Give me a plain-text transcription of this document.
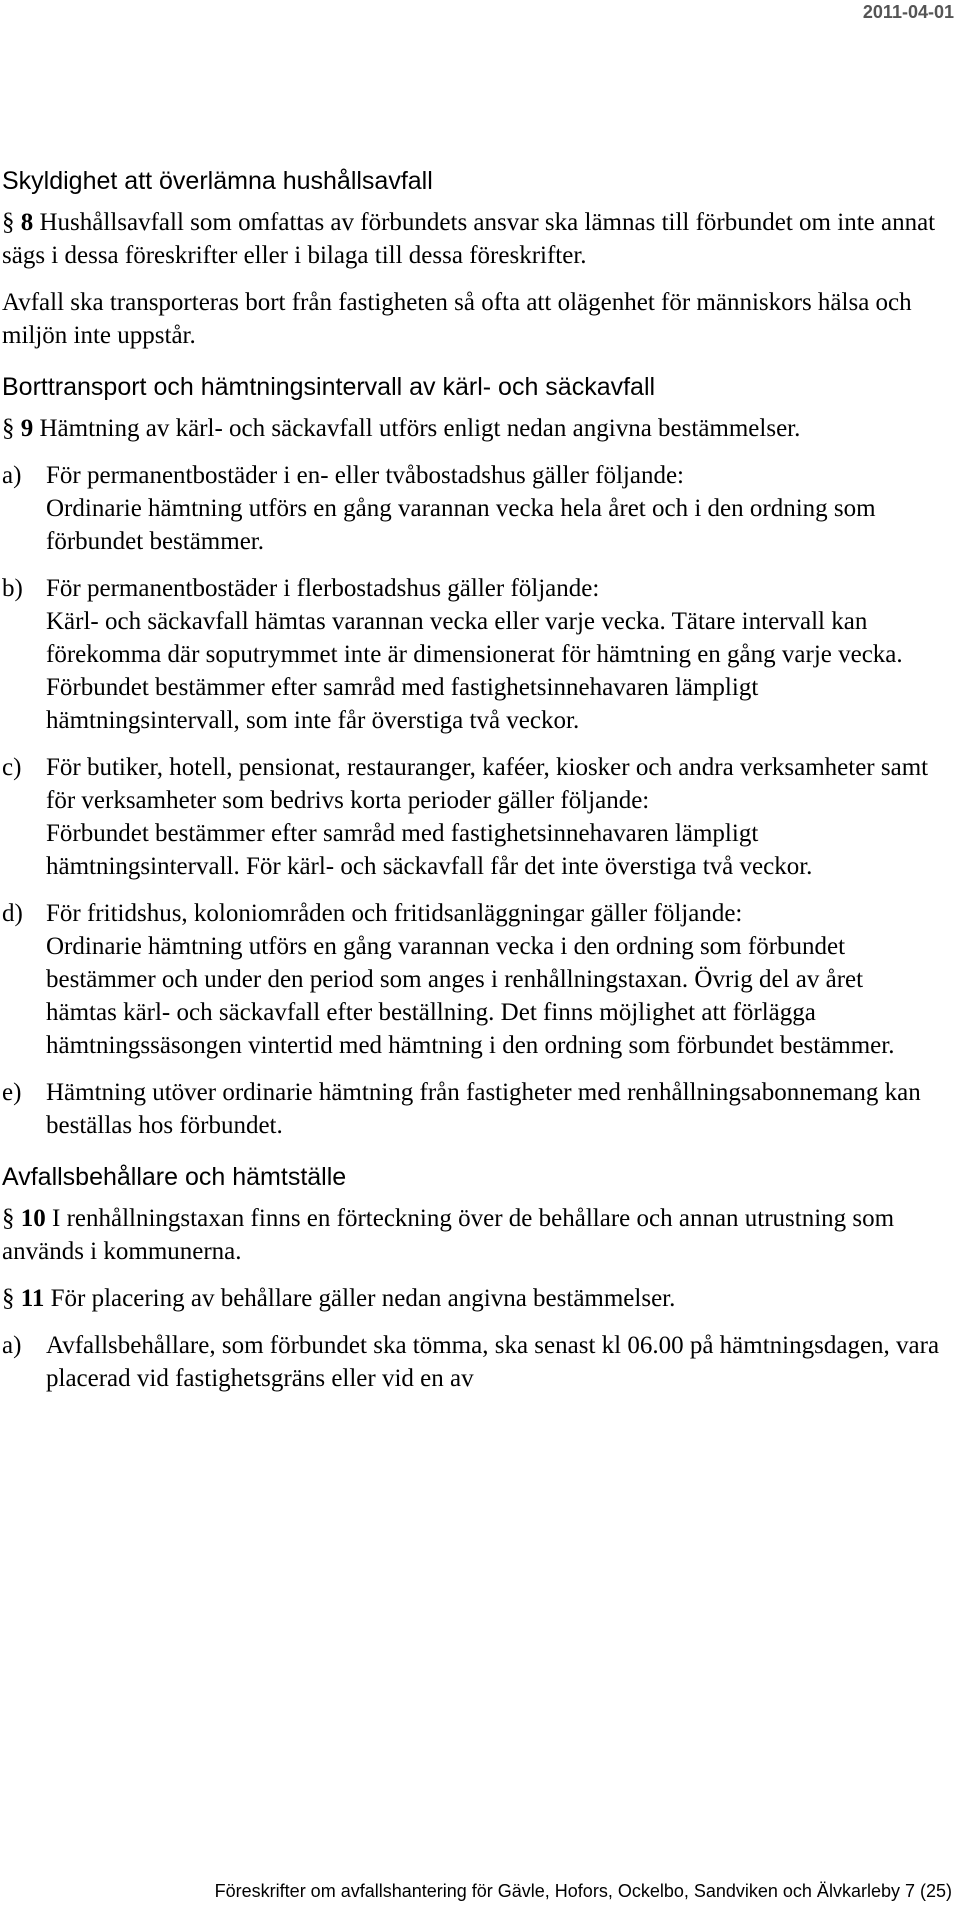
2011-04-01
Skyldighet att överlämna hushållsavfall

§ 8 Hushållsavfall som omfattas av förbundets ansvar ska lämnas till förbundet om inte annat sägs i dessa föreskrifter eller i bilaga till dessa föreskrifter.

Avfall ska transporteras bort från fastigheten så ofta att olägenhet för människors hälsa och miljön inte uppstår.

Borttransport och hämtningsintervall av kärl- och säckavfall

§ 9 Hämtning av kärl- och säckavfall utförs enligt nedan angivna bestämmelser.

a) För permanentbostäder i en- eller tvåbostadshus gäller följande:
Ordinarie hämtning utförs en gång varannan vecka hela året och i den ordning som förbundet bestämmer.
b) För permanentbostäder i flerbostadshus gäller följande:
Kärl- och säckavfall hämtas varannan vecka eller varje vecka. Tätare intervall kan förekomma där soputrymmet inte är dimensionerat för hämtning en gång varje vecka. Förbundet bestämmer efter samråd med fastighetsinnehavaren lämpligt hämtningsintervall, som inte får överstiga två veckor.
c) För butiker, hotell, pensionat, restauranger, kaféer, kiosker och andra verksamheter samt för verksamheter som bedrivs korta perioder gäller följande:
Förbundet bestämmer efter samråd med fastighetsinnehavaren lämpligt hämtningsintervall. För kärl- och säckavfall får det inte överstiga två veckor.
d) För fritidshus, koloniområden och fritidsanläggningar gäller följande:
Ordinarie hämtning utförs en gång varannan vecka i den ordning som förbundet bestämmer och under den period som anges i renhållningstaxan. Övrig del av året hämtas kärl- och säckavfall efter beställning. Det finns möjlighet att förlägga hämtningssäsongen vintertid med hämtning i den ordning som förbundet bestämmer.
e) Hämtning utöver ordinarie hämtning från fastigheter med renhållningsabonnemang kan beställas hos förbundet.
Avfallsbehållare och hämtställe

§ 10 I renhållningstaxan finns en förteckning över de behållare och annan utrustning som används i kommunerna.

§ 11 För placering av behållare gäller nedan angivna bestämmelser.

a) Avfallsbehållare, som förbundet ska tömma, ska senast kl 06.00 på hämtningsdagen, vara placerad vid fastighetsgräns eller vid en av
Föreskrifter om avfallshantering för Gävle, Hofors, Ockelbo, Sandviken och Älvkarleby 7 (25)
